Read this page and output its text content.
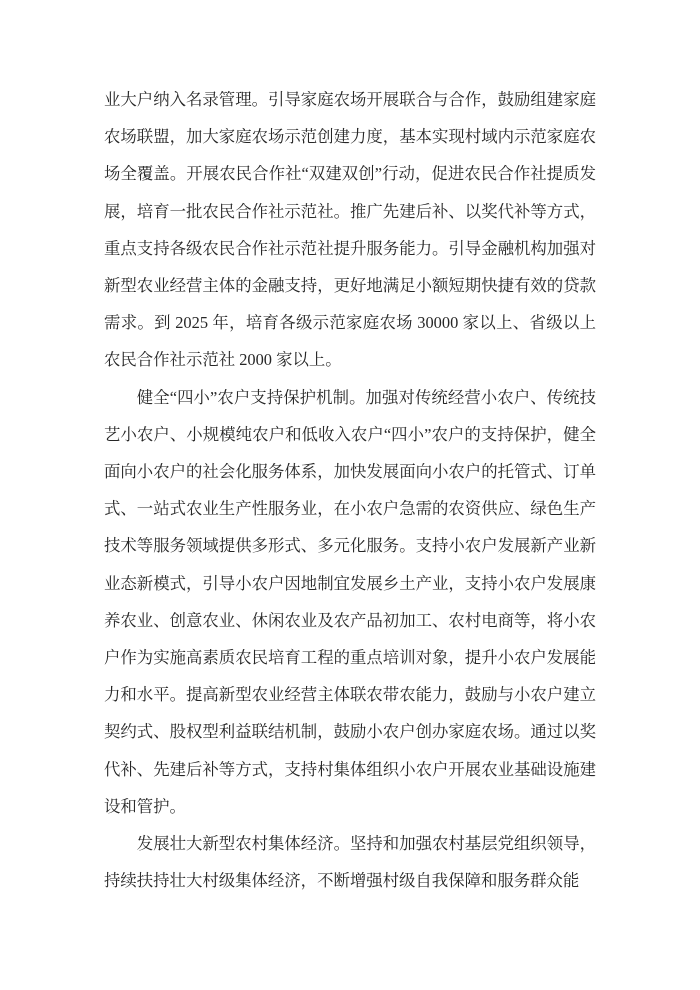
业大户纳入名录管理。引导家庭农场开展联合与合作，鼓励组建家庭农场联盟，加大家庭农场示范创建力度，基本实现村域内示范家庭农场全覆盖。开展农民合作社“双建双创”行动，促进农民合作社提质发展，培育一批农民合作社示范社。推广先建后补、以奖代补等方式，重点支持各级农民合作社示范社提升服务能力。引导金融机构加强对新型农业经营主体的金融支持，更好地满足小额短期快捷有效的贷款需求。到 2025 年，培育各级示范家庭农场 30000 家以上、省级以上农民合作社示范社 2000 家以上。

健全“四小”农户支持保护机制。加强对传统经营小农户、传统技艺小农户、小规模纯农户和低收入农户“四小”农户的支持保护，健全面向小农户的社会化服务体系，加快发展面向小农户的托管式、订单式、一站式农业生产性服务业，在小农户急需的农资供应、绿色生产技术等服务领域提供多形式、多元化服务。支持小农户发展新产业新业态新模式，引导小农户因地制宜发展乡土产业，支持小农户发展康养农业、创意农业、休闲农业及农产品初加工、农村电商等，将小农户作为实施高素质农民培育工程的重点培训对象，提升小农户发展能力和水平。提高新型农业经营主体联农带农能力，鼓励与小农户建立契约式、股权型利益联结机制，鼓励小农户创办家庭农场。通过以奖代补、先建后补等方式，支持村集体组织小农户开展农业基础设施建设和管护。

发展壮大新型农村集体经济。坚持和加强农村基层党组织领导，持续扶持壮大村级集体经济，不断增强村级自我保障和服务群众能
